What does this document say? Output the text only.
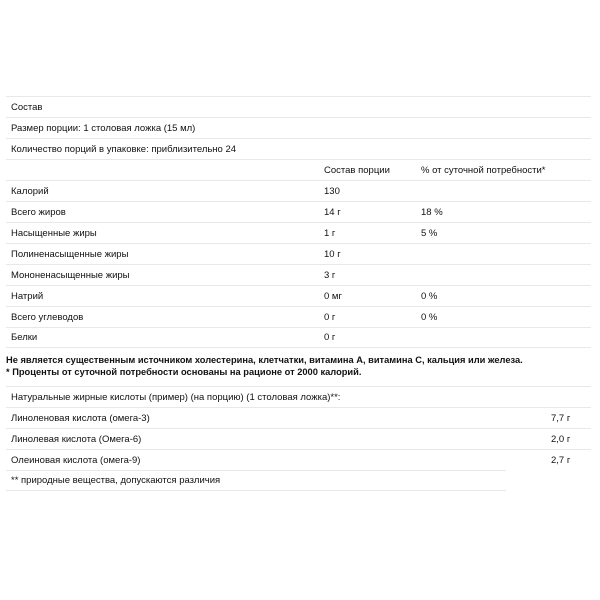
Состав
Размер порции: 1 столовая ложка (15 мл)
Количество порций в упаковке: приблизительно 24
Состав порции	% от суточной потребности*
Калорий	130
Всего жиров	14 г	18 %
Насыщенные жиры	1 г	5 %
Полиненасыщенные жиры	10 г
Мононенасыщенные жиры	3 г
Натрий	0 мг	0 %
Всего углеводов	0 г	0 %
Белки	0 г
Не является существенным источником холестерина, клетчатки, витамина А, витамина С, кальция или железа.
* Проценты от суточной потребности основаны на рационе от 2000 калорий.
Натуральные жирные кислоты (пример) (на порцию) (1 столовая ложка)**:
Линоленовая кислота (омега-3)	7,7 г
Линолевая кислота (Омега-6)	2,0 г
Олеиновая кислота (омега-9)	2,7 г
** природные вещества, допускаются различия
